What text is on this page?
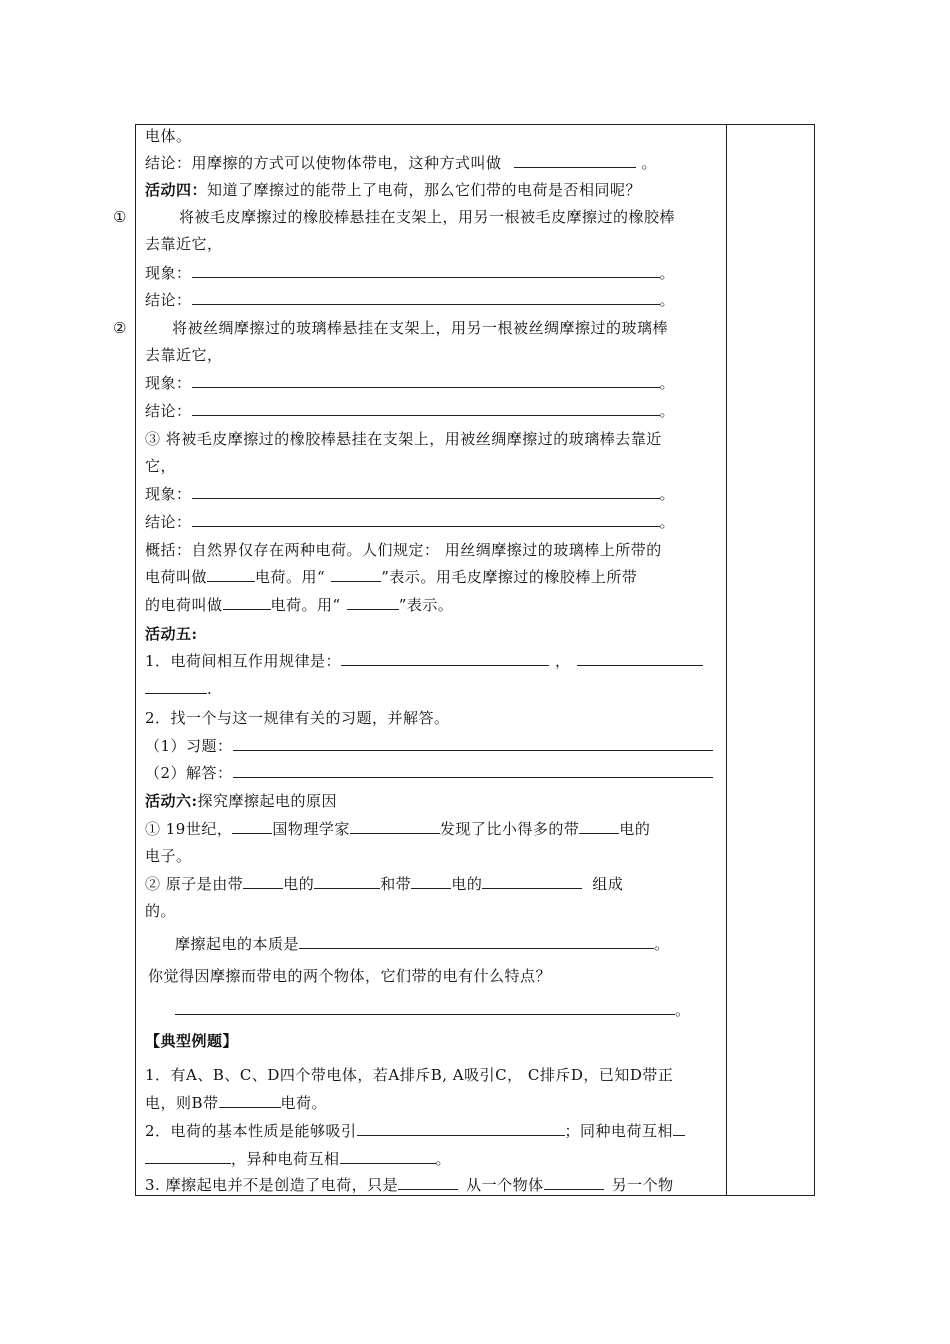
电体。
结论：用摩擦的方式可以使物体带电，这种方式叫做	。
活动四：知道了摩擦过的能带上了电荷，那么它们带的电荷是否相同呢？
①	将被毛皮摩擦过的橡胶棒悬挂在支架上，用另一根被毛皮摩擦过的橡胶棒
去靠近它，
现象：	。
结论：	。
②	将被丝绸摩擦过的玻璃棒悬挂在支架上，用另一根被丝绸摩擦过的玻璃棒
去靠近它，
现象：	。
结论：	。
③ 将被毛皮摩擦过的橡胶棒悬挂在支架上，用被丝绸摩擦过的玻璃棒去靠近
它，
现象：	。
结论：	。
概括：自然界仅存在两种电荷。人们规定： 用丝绸摩擦过的玻璃棒上所带的
电荷叫做	电荷。用“	”表示。用毛皮摩擦过的橡胶棒上所带
的电荷叫做	电荷。用“	”表示。
活动五:
1．电荷间相互作用规律是：	，
.
2．找一个与这一规律有关的习题，并解答。
（1）习题：
（2）解答：
活动六:探究摩擦起电的原因
① 19世纪，	国物理学家	发现了比小得多的带	电的
电子。
② 原子是由带	电的	和带	电的	组成
的。
摩擦起电的本质是	。
你觉得因摩擦而带电的两个物体，它们带的电有什么特点？
。
【典型例题】
1．有A、B、C、D四个带电体，若A排斥B, A吸引C， C排斥D，已知D带正
电，则B带	电荷。
2．电荷的基本性质是能够吸引	；同种电荷互相
，异种电荷互相	。
3. 摩擦起电并不是创造了电荷，只是	从一个物体	另一个物
